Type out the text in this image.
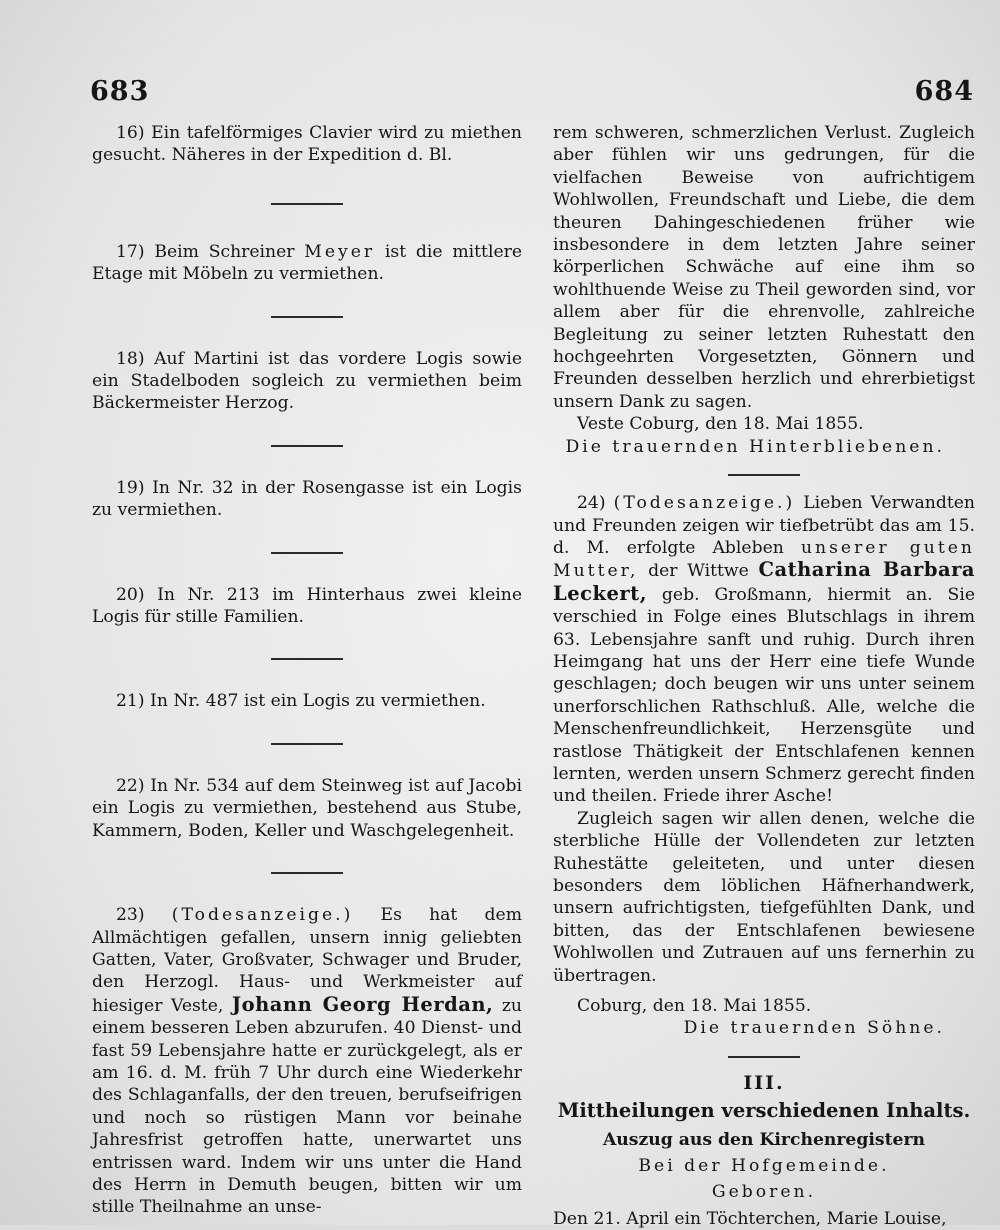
683	684

16) Ein tafelförmiges Clavier wird zu miethen gesucht. Näheres in der Expedition d. Bl.

17) Beim Schreiner Meyer ist die mittlere Etage mit Möbeln zu vermiethen.

18) Auf Martini ist das vordere Logis sowie ein Stadelboden sogleich zu vermiethen beim Bäckermeister Herzog.

19) In Nr. 32 in der Rosengasse ist ein Logis zu vermiethen.

20) In Nr. 213 im Hinterhaus zwei kleine Logis für stille Familien.

21) In Nr. 487 ist ein Logis zu vermiethen.

22) In Nr. 534 auf dem Steinweg ist auf Jacobi ein Logis zu vermiethen, bestehend aus Stube, Kammern, Boden, Keller und Waschgelegenheit.

23) (Todesanzeige.) Es hat dem Allmächtigen gefallen, unsern innig geliebten Gatten, Vater, Großvater, Schwager und Bruder, den Herzogl. Haus- und Werkmeister auf hiesiger Veste, Johann Georg Herdan, zu einem besseren Leben abzurufen. 40 Dienst- und fast 59 Lebensjahre hatte er zurückgelegt, als er am 16. d. M. früh 7 Uhr durch eine Wiederkehr des Schlaganfalls, der den treuen, berufseifrigen und noch so rüstigen Mann vor beinahe Jahresfrist getroffen hatte, unerwartet uns entrissen ward. Indem wir uns unter die Hand des Herrn in Demuth beugen, bitten wir um stille Theilnahme an unse-

rem schweren, schmerzlichen Verlust. Zugleich aber fühlen wir uns gedrungen, für die vielfachen Beweise von aufrichtigem Wohlwollen, Freundschaft und Liebe, die dem theuren Dahingeschiedenen früher wie insbesondere in dem letzten Jahre seiner körperlichen Schwäche auf eine ihm so wohlthuende Weise zu Theil geworden sind, vor allem aber für die ehrenvolle, zahlreiche Begleitung zu seiner letzten Ruhestatt den hochgeehrten Vorgesetzten, Gönnern und Freunden desselben herzlich und ehrerbietigst unsern Dank zu sagen.

Veste Coburg, den 18. Mai 1855.

Die trauernden Hinterbliebenen.

24) (Todesanzeige.) Lieben Verwandten und Freunden zeigen wir tiefbetrübt das am 15. d. M. erfolgte Ableben unserer guten Mutter, der Wittwe Catharina Barbara Leckert, geb. Großmann, hiermit an. Sie verschied in Folge eines Blutschlags in ihrem 63. Lebensjahre sanft und ruhig. Durch ihren Heimgang hat uns der Herr eine tiefe Wunde geschlagen; doch beugen wir uns unter seinem unerforschlichen Rathschluß. Alle, welche die Menschenfreundlichkeit, Herzensgüte und rastlose Thätigkeit der Entschlafenen kennen lernten, werden unsern Schmerz gerecht finden und theilen. Friede ihrer Asche!

Zugleich sagen wir allen denen, welche die sterbliche Hülle der Vollendeten zur letzten Ruhestätte geleiteten, und unter diesen besonders dem löblichen Häfnerhandwerk, unsern aufrichtigsten, tiefgefühlten Dank, und bitten, das der Entschlafenen bewiesene Wohlwollen und Zutrauen auf uns fernerhin zu übertragen.

Coburg, den 18. Mai 1855.

Die trauernden Söhne.

III.

Mittheilungen verschiedenen Inhalts.

Auszug aus den Kirchenregistern

Bei der Hofgemeinde.

Geboren.

Den 21. April ein Töchterchen, Marie Louise,
